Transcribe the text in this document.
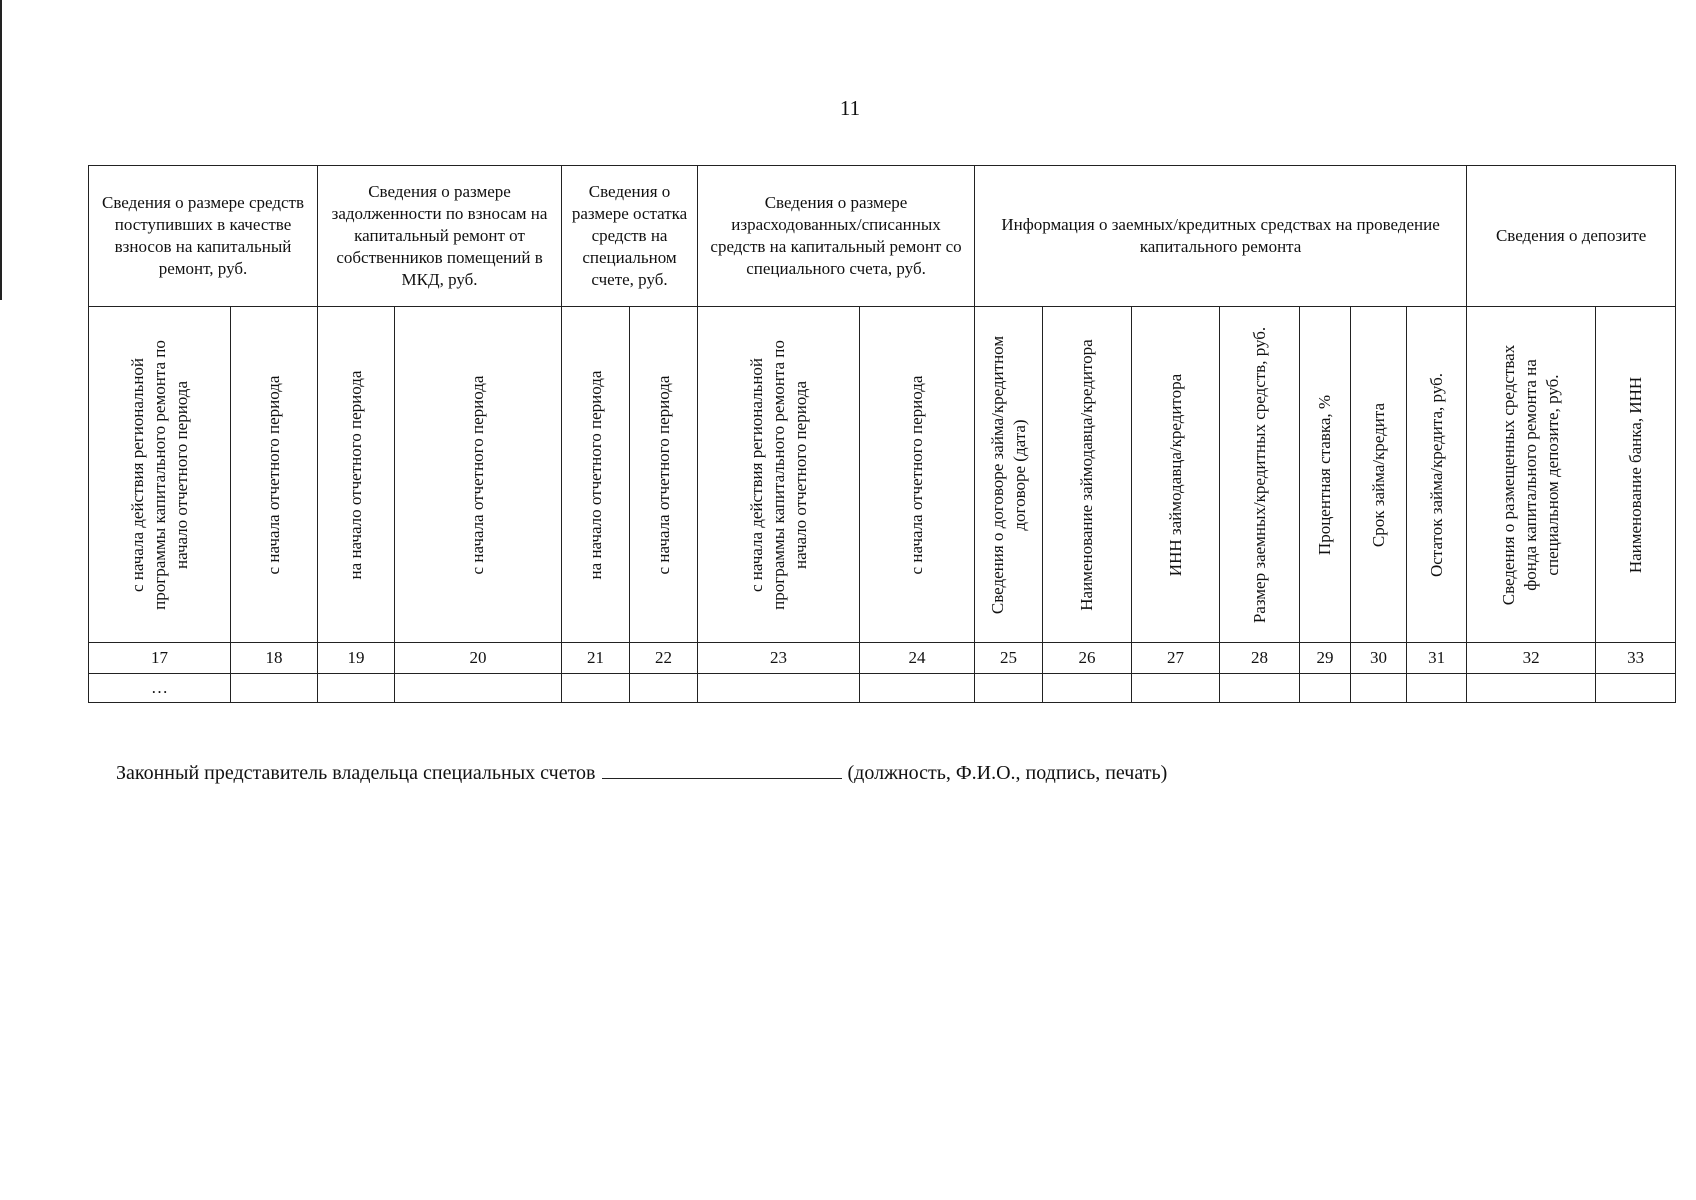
11
Сведения о размере средств поступивших в качестве взносов на капитальный ремонт, руб.		Сведения о размере задолженности по взносам на капитальный ремонт от собственников помещений в МКД, руб.		Сведения о размере остатка средств на специальном счете, руб.		Сведения о размере израсходованных/списанных средств на капитальный ремонт со специального счета, руб.		Информация о заемных/кредитных средствах на проведение капитального ремонта							Сведения о депозите	

с начала действия региональной программы капитального ремонта по начало отчетного периода	с начала отчетного периода	на начало отчетного периода	с начала отчетного периода	на начало отчетного периода	с начала отчетного периода	с начала действия региональной программы капитального ремонта по начало отчетного периода	с начала отчетного периода	Сведения о договоре займа/кредитном договоре (дата)	Наименование займодавца/кредитора	ИНН займодавца/кредитора	Размер заемных/кредитных средств, руб.	Процентная ставка, %	Срок займа/кредита	Остаток займа/кредита, руб.	Сведения о размещенных средствах фонда капитального ремонта на специальном депозите, руб.	Наименование банка, ИНН

17	18	19	20	21	22	23	24	25	26	27	28	29	30	31	32	33
…																
Законный представитель владельца специальных счетов	(должность, Ф.И.О., подпись, печать)
